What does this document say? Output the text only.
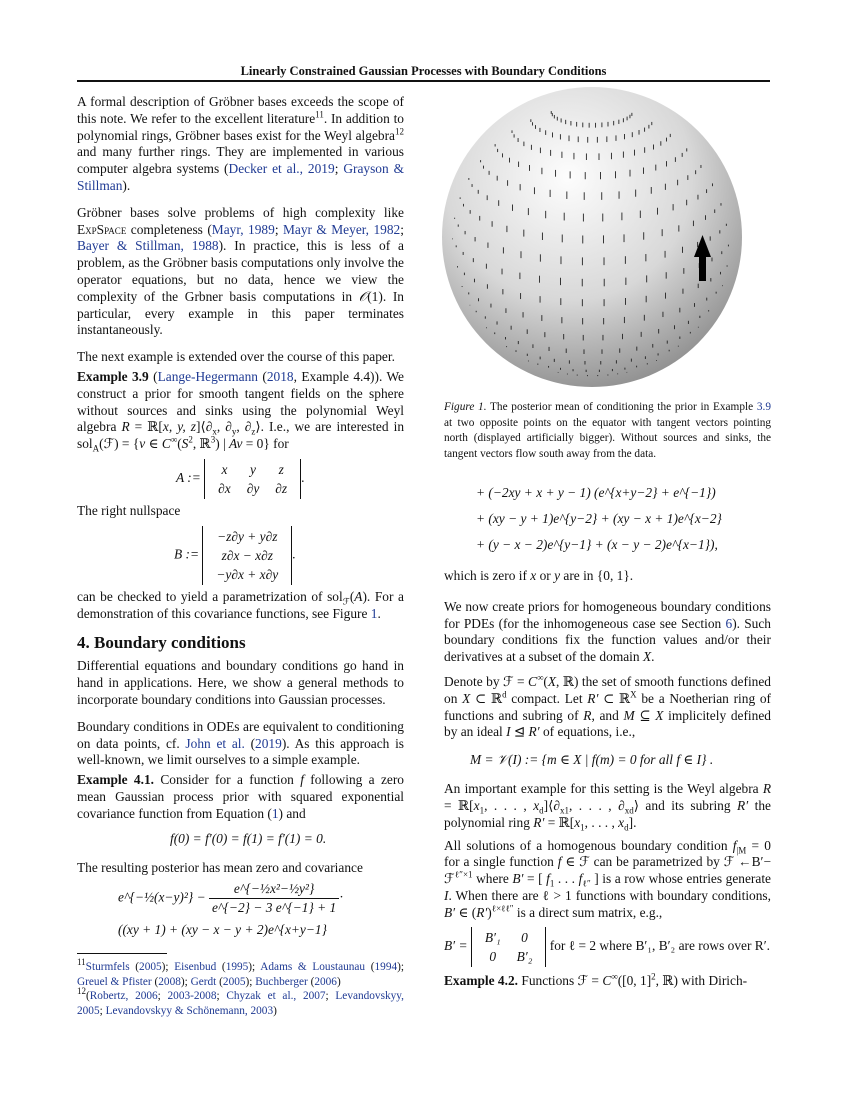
Linearly Constrained Gaussian Processes with Boundary Conditions
A formal description of Gröbner bases exceeds the scope of this note. We refer to the excellent literature$^{11}$. In addition to polynomial rings, Gröbner bases exist for the Weyl algebra$^{12}$ and many further rings. They are implemented in various computer algebra systems (Decker et al., 2019; Grayson & Stillman).
Gröbner bases solve problems of high complexity like ExpSpace completeness (Mayr, 1989; Mayr & Meyer, 1982; Bayer & Stillman, 1988). In practice, this is less of a problem, as the Gröbner basis computations only involve the operator equations, but no data, hence we view the complexity of the Grbner basis computations in 𝒪(1). In particular, every example in this paper terminates instantaneously.
The next example is extended over the course of this paper.
Example 3.9 (Lange-Hegermann (2018, Example 4.4)). We construct a prior for smooth tangent fields on the sphere without sources and sinks using the polynomial Weyl algebra R = ℝ[x, y, $z]⟨\partial_x$, $\partial_y$, $\partial_z⟩$. I.e., we are interested in sol$_A$(ℱ) = {v ∈ $C^\infty(S^2$, ℝ$^3$) | Av = 0} for
A := x	y	z
∂x	∂y	∂z.
The right nullspace
B := −z∂y + y∂z
z∂x − x∂z
−y∂x + x∂y.
can be checked to yield a parametrization of sol$_ℱ$(A). For a demonstration of this covariance functions, see Figure 1.
4. Boundary conditions
Differential equations and boundary conditions go hand in hand in applications. Here, we show a general methods to incorporate boundary conditions into Gaussian processes.
Boundary conditions in ODEs are equivalent to conditioning on data points, cf. John et al. (2019). As this approach is well-known, we limit ourselves to a simple example.
Example 4.1. Consider for a function f following a zero mean Gaussian process prior with squared exponential covariance function from Equation (1) and
f(0) = f′(0) = f(1) = f′(1) = 0.
The resulting posterior has mean zero and covariance
e^{−½(x−y)²} − $\frac{\text{e\textasciicircum{}\{−½x²−½y²\}}}{e\^{}\{-2\} - 3 e\^{}\{-1\} + 1}$ ·
((xy + 1) + (xy − x − y + 2)e^{x+y−1}
$^{11}$Sturmfels (2005); Eisenbud (1995); Adams & Loustaunau (1994); Greuel & Pfister (2008); Gerdt (2005); Buchberger (2006)
$^{12}$(Robertz, 2006; 2003-2008; Chyzak et al., 2007; Levandovskyy, 2005; Levandovskyy & Schönemann, 2003)
Figure 1. The posterior mean of conditioning the prior in Example 3.9 at two opposite points on the equator with tangent vectors pointing north (displayed artificially bigger). Without sources and sinks, the tangent vectors flow south away from the data.
+ (−2xy + x + y − 1) (e^{x+y−2} + e^{−1})
+ (xy − y + 1)e^{y−2} + (xy − x + 1)e^{x−2}
+ (y − x − 2)e^{y−1} + (x − y − 2)e^{x−1}),
which is zero if x or y are in {0, 1}.
We now create priors for homogeneous boundary conditions for PDEs (for the inhomogeneous case see Section 6). Such boundary conditions fix the function values and/or their derivatives at a subset of the domain X.
Denote by ℱ = C∞(X, ℝ) the set of smooth functions defined on X ⊂ ℝ$^d$ compact. Let R′ ⊂ ℝ$^X$ be a Noetherian ring of functions and subring of R, and M ⊆ X implicitely defined by an ideal I ⊴ R′ of equations, i.e.,
M = 𝒱(I) := {m ∈ X | f(m) = 0 for all f ∈ I} .
An important example for this setting is the Weyl algebra $R = ℝ[x_1$, . . . , $x_d]⟨\partial_{x1}$, . . . , $\partial_{xd}⟩$ and its subring R′ the polynomial ring $R' = ℝ[x_1$, . . . , $x_d$].
All solutions of a homogenous boundary condition $f_{|M} = 0$ for a single function f ∈ ℱ can be parametrized by ℱ ←B′− ℱ$^{\ell''\times 1}$ where B′ = [ $f_1$ . . . $f_{\ell''}$ ] is a row whose entries generate I. When there are ℓ > 1 functions with boundary conditions, B′ ∈ $(R')^{\ell\times\ell\ell''}$ is a direct sum matrix, e.g.,
B′ = B′₁	0
0	B′₂ for ℓ = 2 where B′₁, B′₂ are rows over R′.
Example 4.2. Functions ℱ = C∞([0, 1]$^2$, ℝ) with Dirich-
